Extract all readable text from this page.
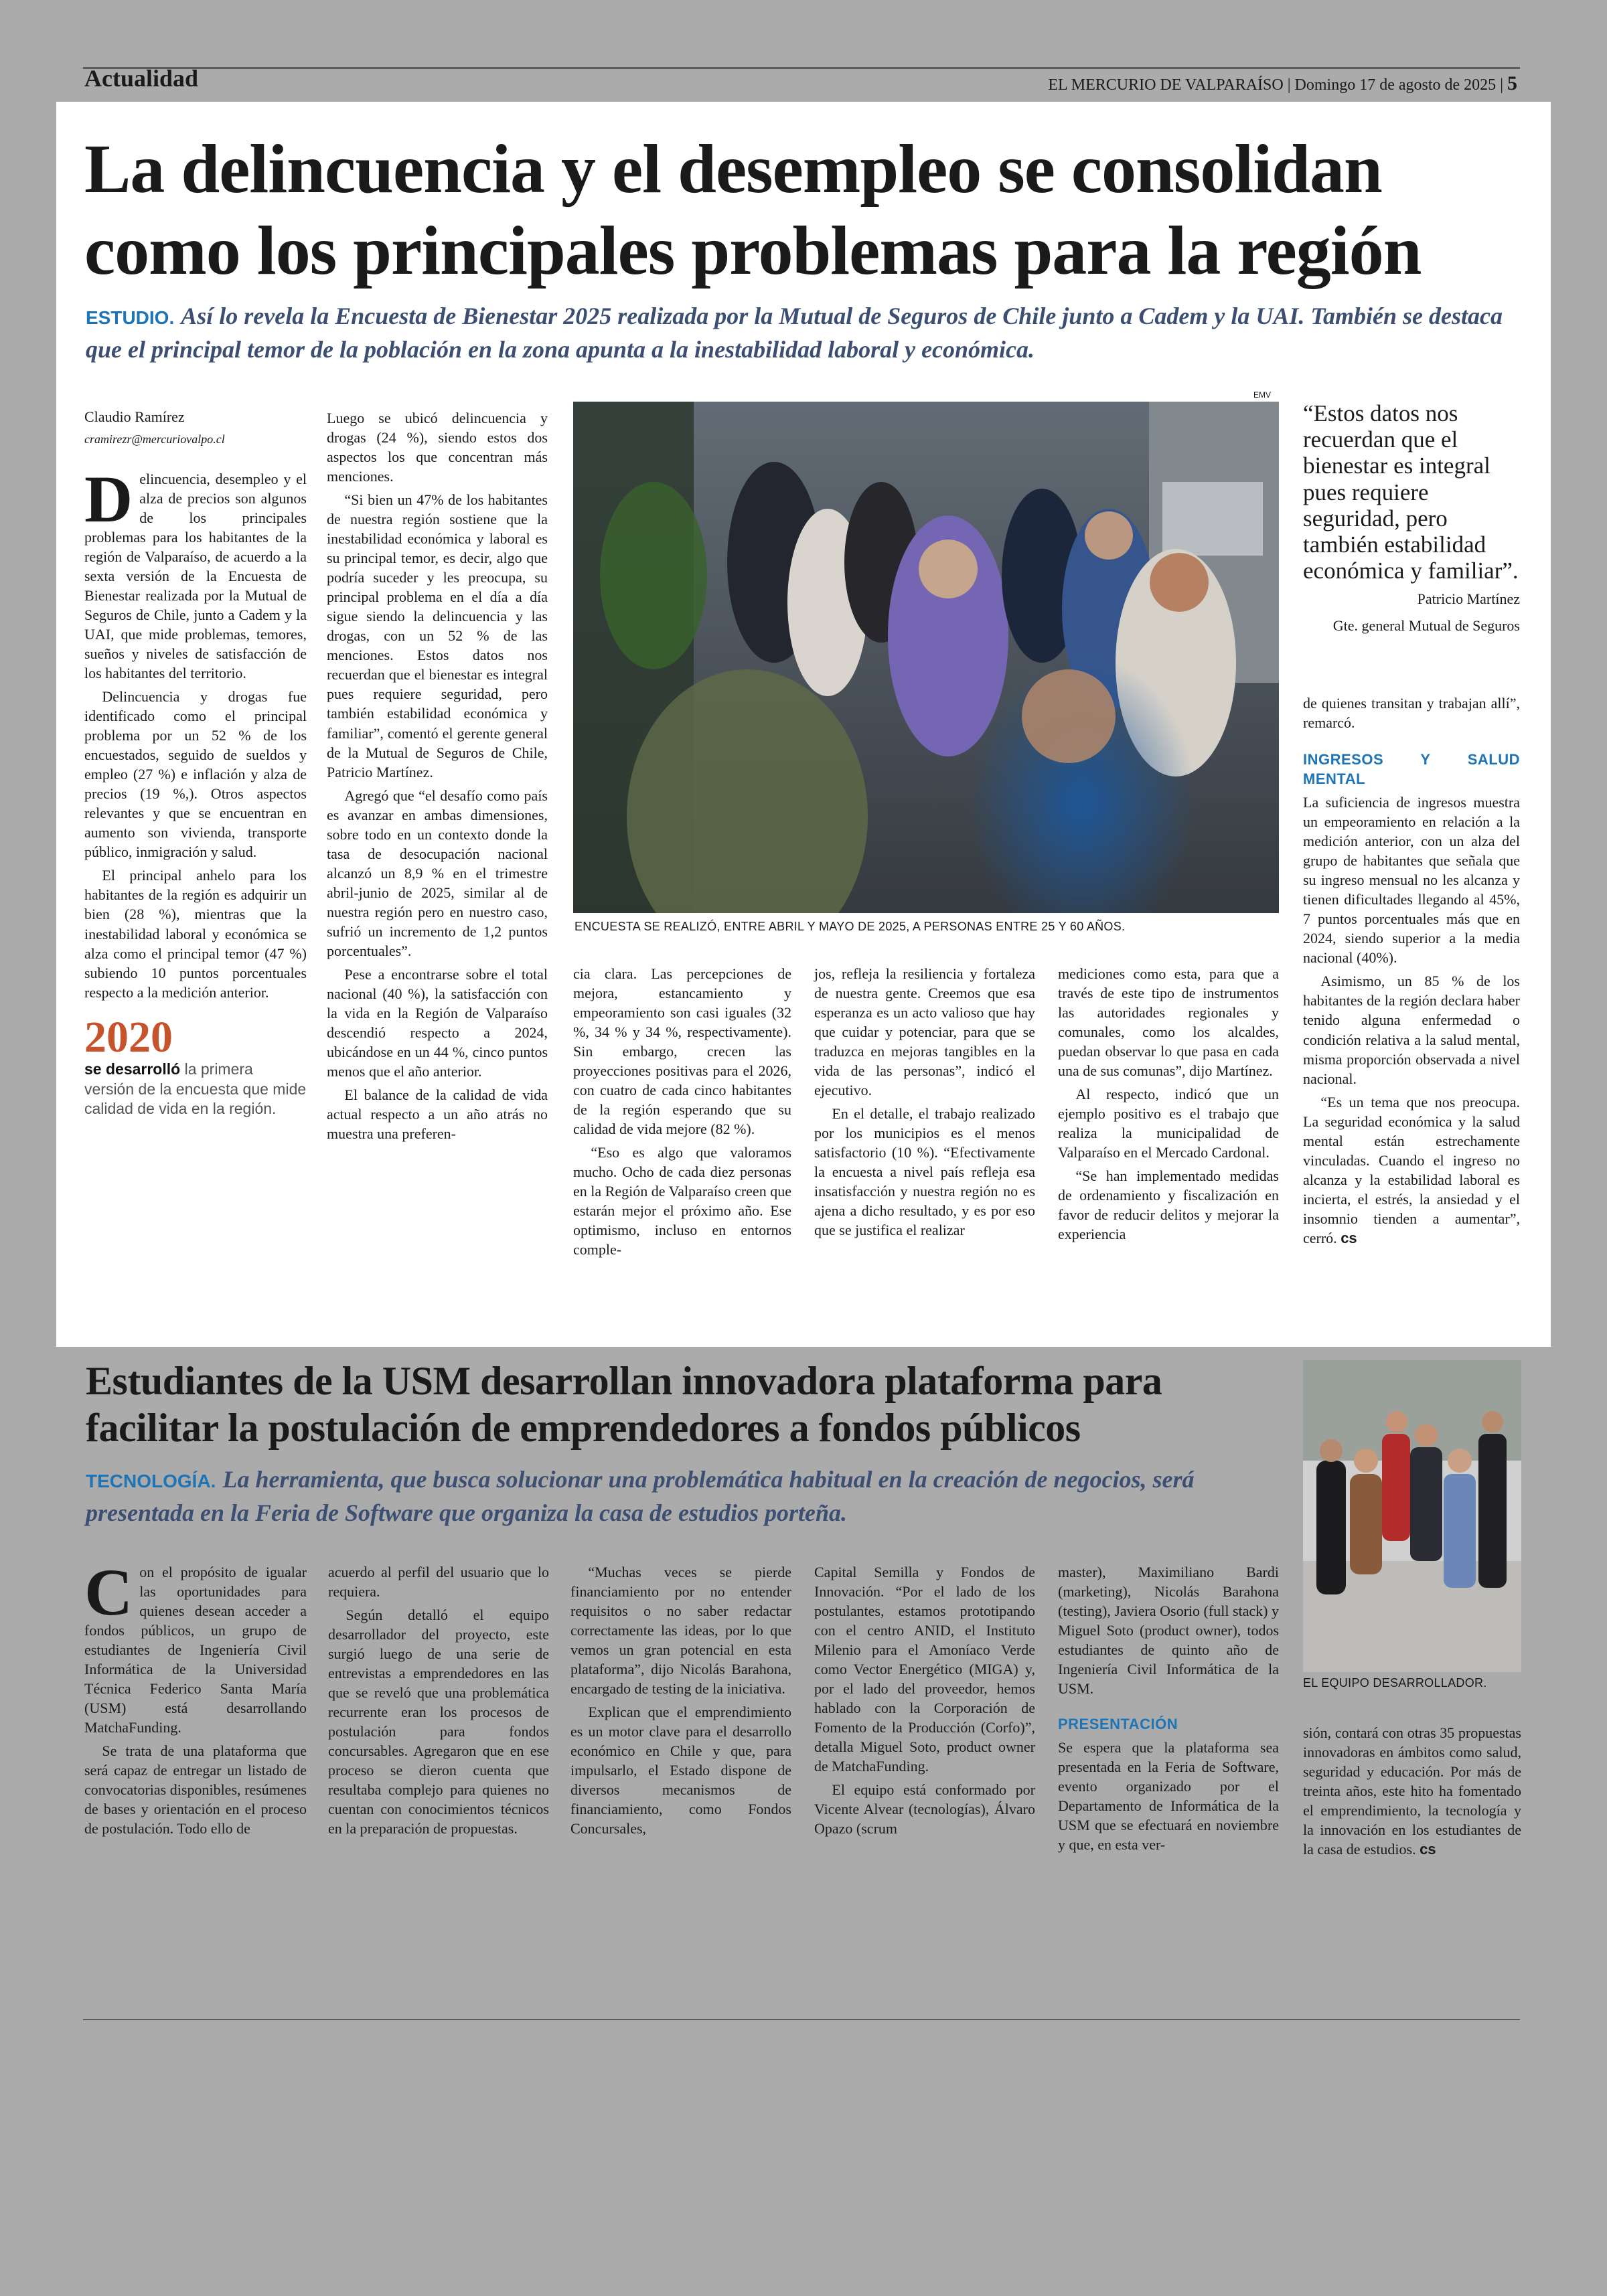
Actualidad	EL MERCURIO DE VALPARAÍSO | Domingo 17 de agosto de 2025 | 5
La delincuencia y el desempleo se consolidan como los principales problemas para la región
ESTUDIO. Así lo revela la Encuesta de Bienestar 2025 realizada por la Mutual de Seguros de Chile junto a Cadem y la UAI. También se destaca que el principal temor de la población en la zona apunta a la inestabilidad laboral y económica.
Claudio Ramírez
cramirezr@mercuriovalpo.cl

Delincuencia, desempleo y el alza de precios son algunos de los principales problemas para los habitantes de la región de Valparaíso, de acuerdo a la sexta versión de la Encuesta de Bienestar realizada por la Mutual de Seguros de Chile, junto a Cadem y la UAI, que mide problemas, temores, sueños y niveles de satisfacción de los habitantes del territorio.

Delincuencia y drogas fue identificado como el principal problema por un 52 % de los encuestados, seguido de sueldos y empleo (27 %) e inflación y alza de precios (19 %,). Otros aspectos relevantes y que se encuentran en aumento son vivienda, transporte público, inmigración y salud.

El principal anhelo para los habitantes de la región es adquirir un bien (28 %), mientras que la inestabilidad laboral y económica se alza como el principal temor (47 %) subiendo 10 puntos porcentuales respecto a la medición anterior.

2020
se desarrolló la primera versión de la encuesta que mide calidad de vida en la región.

Luego se ubicó delincuencia y drogas (24 %), siendo estos dos aspectos los que concentran más menciones.

“Si bien un 47% de los habitantes de nuestra región sostiene que la inestabilidad económica y laboral es su principal temor, es decir, algo que podría suceder y les preocupa, su principal problema en el día a día sigue siendo la delincuencia y las drogas, con un 52 % de las menciones. Estos datos nos recuerdan que el bienestar es integral pues requiere seguridad, pero también estabilidad económica y familiar”, comentó el gerente general de la Mutual de Seguros de Chile, Patricio Martínez.

Agregó que “el desafío como país es avanzar en ambas dimensiones, sobre todo en un contexto donde la tasa de desocupación nacional alcanzó un 8,9 % en el trimestre abril-junio de 2025, similar al de nuestra región pero en nuestro caso, sufrió un incremento de 1,2 puntos porcentuales”.

Pese a encontrarse sobre el total nacional (40 %), la satisfacción con la vida en la Región de Valparaíso descendió respecto a 2024, ubicándose en un 44 %, cinco puntos menos que el año anterior.

El balance de la calidad de vida actual respecto a un año atrás no muestra una preferen-

EMV
ENCUESTA SE REALIZÓ, ENTRE ABRIL Y MAYO DE 2025, A PERSONAS ENTRE 25 Y 60 AÑOS.
“Estos datos nos recuerdan que el bienestar es integral pues requiere seguridad, pero también estabilidad económica y familiar”.
Patricio Martínez
Gte. general Mutual de Seguros

cia clara. Las percepciones de mejora, estancamiento y empeoramiento son casi iguales (32 %, 34 % y 34 %, respectivamente). Sin embargo, crecen las proyecciones positivas para el 2026, con cuatro de cada cinco habitantes de la región esperando que su calidad de vida mejore (82 %).

“Eso es algo que valoramos mucho. Ocho de cada diez personas en la Región de Valparaíso creen que estarán mejor el próximo año. Ese optimismo, incluso en entornos comple-

jos, refleja la resiliencia y fortaleza de nuestra gente. Creemos que esa esperanza es un acto valioso que hay que cuidar y potenciar, para que se traduzca en mejoras tangibles en la vida de las personas”, indicó el ejecutivo.

En el detalle, el trabajo realizado por los municipios es el menos satisfactorio (10 %). “Efectivamente la encuesta a nivel país refleja esa insatisfacción y nuestra región no es ajena a dicho resultado, y es por eso que se justifica el realizar

mediciones como esta, para que a través de este tipo de instrumentos las autoridades regionales y comunales, como los alcaldes, puedan observar lo que pasa en cada una de sus comunas”, dijo Martínez.

Al respecto, indicó que un ejemplo positivo es el trabajo que realiza la municipalidad de Valparaíso en el Mercado Cardonal.

“Se han implementado medidas de ordenamiento y fiscalización en favor de reducir delitos y mejorar la experiencia

de quienes transitan y trabajan allí”, remarcó.

INGRESOS Y SALUD MENTAL

La suficiencia de ingresos muestra un empeoramiento en relación a la medición anterior, con un alza del grupo de habitantes que señala que su ingreso mensual no les alcanza y tienen dificultades llegando al 45%, 7 puntos porcentuales más que en 2024, siendo superior a la media nacional (40%).

Asimismo, un 85 % de los habitantes de la región declara haber tenido alguna enfermedad o condición relativa a la salud mental, misma proporción observada a nivel nacional.

“Es un tema que nos preocupa. La seguridad económica y la salud mental están estrechamente vinculadas. Cuando el ingreso no alcanza y la estabilidad laboral es incierta, el estrés, la ansiedad y el insomnio tienden a aumentar”, cerró. cs

Estudiantes de la USM desarrollan innovadora plataforma para facilitar la postulación de emprendedores a fondos públicos
TECNOLOGÍA. La herramienta, que busca solucionar una problemática habitual en la creación de negocios, será presentada en la Feria de Software que organiza la casa de estudios porteña.
EL EQUIPO DESARROLLADOR.

Con el propósito de igualar las oportunidades para quienes desean acceder a fondos públicos, un grupo de estudiantes de Ingeniería Civil Informática de la Universidad Técnica Federico Santa María (USM) está desarrollando MatchaFunding.

Se trata de una plataforma que será capaz de entregar un listado de convocatorias disponibles, resúmenes de bases y orientación en el proceso de postulación. Todo ello de

acuerdo al perfil del usuario que lo requiera.

Según detalló el equipo desarrollador del proyecto, este surgió luego de una serie de entrevistas a emprendedores en las que se reveló que una problemática recurrente eran los procesos de postulación para fondos concursables. Agregaron que en ese proceso se dieron cuenta que resultaba complejo para quienes no cuentan con conocimientos técnicos en la preparación de propuestas.

“Muchas veces se pierde financiamiento por no entender requisitos o no saber redactar correctamente las ideas, por lo que vemos un gran potencial en esta plataforma”, dijo Nicolás Barahona, encargado de testing de la iniciativa.

Explican que el emprendimiento es un motor clave para el desarrollo económico en Chile y que, para impulsarlo, el Estado dispone de diversos mecanismos de financiamiento, como Fondos Concursales,

Capital Semilla y Fondos de Innovación. “Por el lado de los postulantes, estamos prototipando con el centro ANID, el Instituto Milenio para el Amoníaco Verde como Vector Energético (MIGA) y, por el lado del proveedor, hemos hablado con la Corporación de Fomento de la Producción (Corfo)”, detalla Miguel Soto, product owner de MatchaFunding.

El equipo está conformado por Vicente Alvear (tecnologías), Álvaro Opazo (scrum

master), Maximiliano Bardi (marketing), Nicolás Barahona (testing), Javiera Osorio (full stack) y Miguel Soto (product owner), todos estudiantes de quinto año de Ingeniería Civil Informática de la USM.

PRESENTACIÓN

Se espera que la plataforma sea presentada en la Feria de Software, evento organizado por el Departamento de Informática de la USM que se efectuará en noviembre y que, en esta ver-

sión, contará con otras 35 propuestas innovadoras en ámbitos como salud, seguridad y educación. Por más de treinta años, este hito ha fomentado el emprendimiento, la tecnología y la innovación en los estudiantes de la casa de estudios. cs
